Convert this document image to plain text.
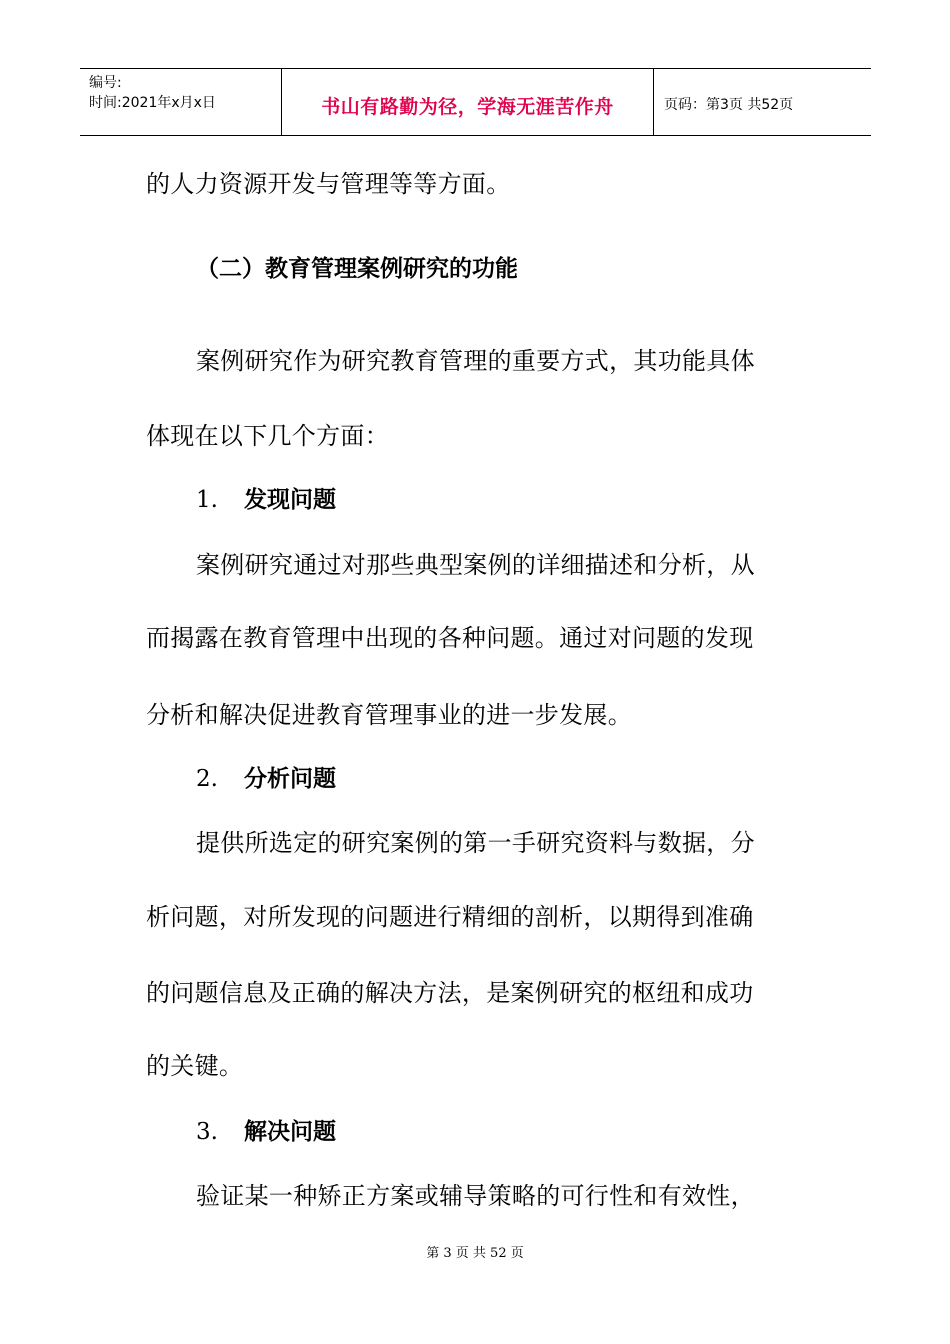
编号:
时间:2021年x月x日	书山有路勤为径，学海无涯苦作舟	页码：第3页 共52页
的人力资源开发与管理等等方面。
（二）教育管理案例研究的功能
案例研究作为研究教育管理的重要方式，其功能具体
体现在以下几个方面：
1. 发现问题
案例研究通过对那些典型案例的详细描述和分析，从
而揭露在教育管理中出现的各种问题。通过对问题的发现
分析和解决促进教育管理事业的进一步发展。
2. 分析问题
提供所选定的研究案例的第一手研究资料与数据，分
析问题，对所发现的问题进行精细的剖析，以期得到准确
的问题信息及正确的解决方法，是案例研究的枢纽和成功
的关键。
3. 解决问题
验证某一种矫正方案或辅导策略的可行性和有效性，
第 3 页 共 52 页
